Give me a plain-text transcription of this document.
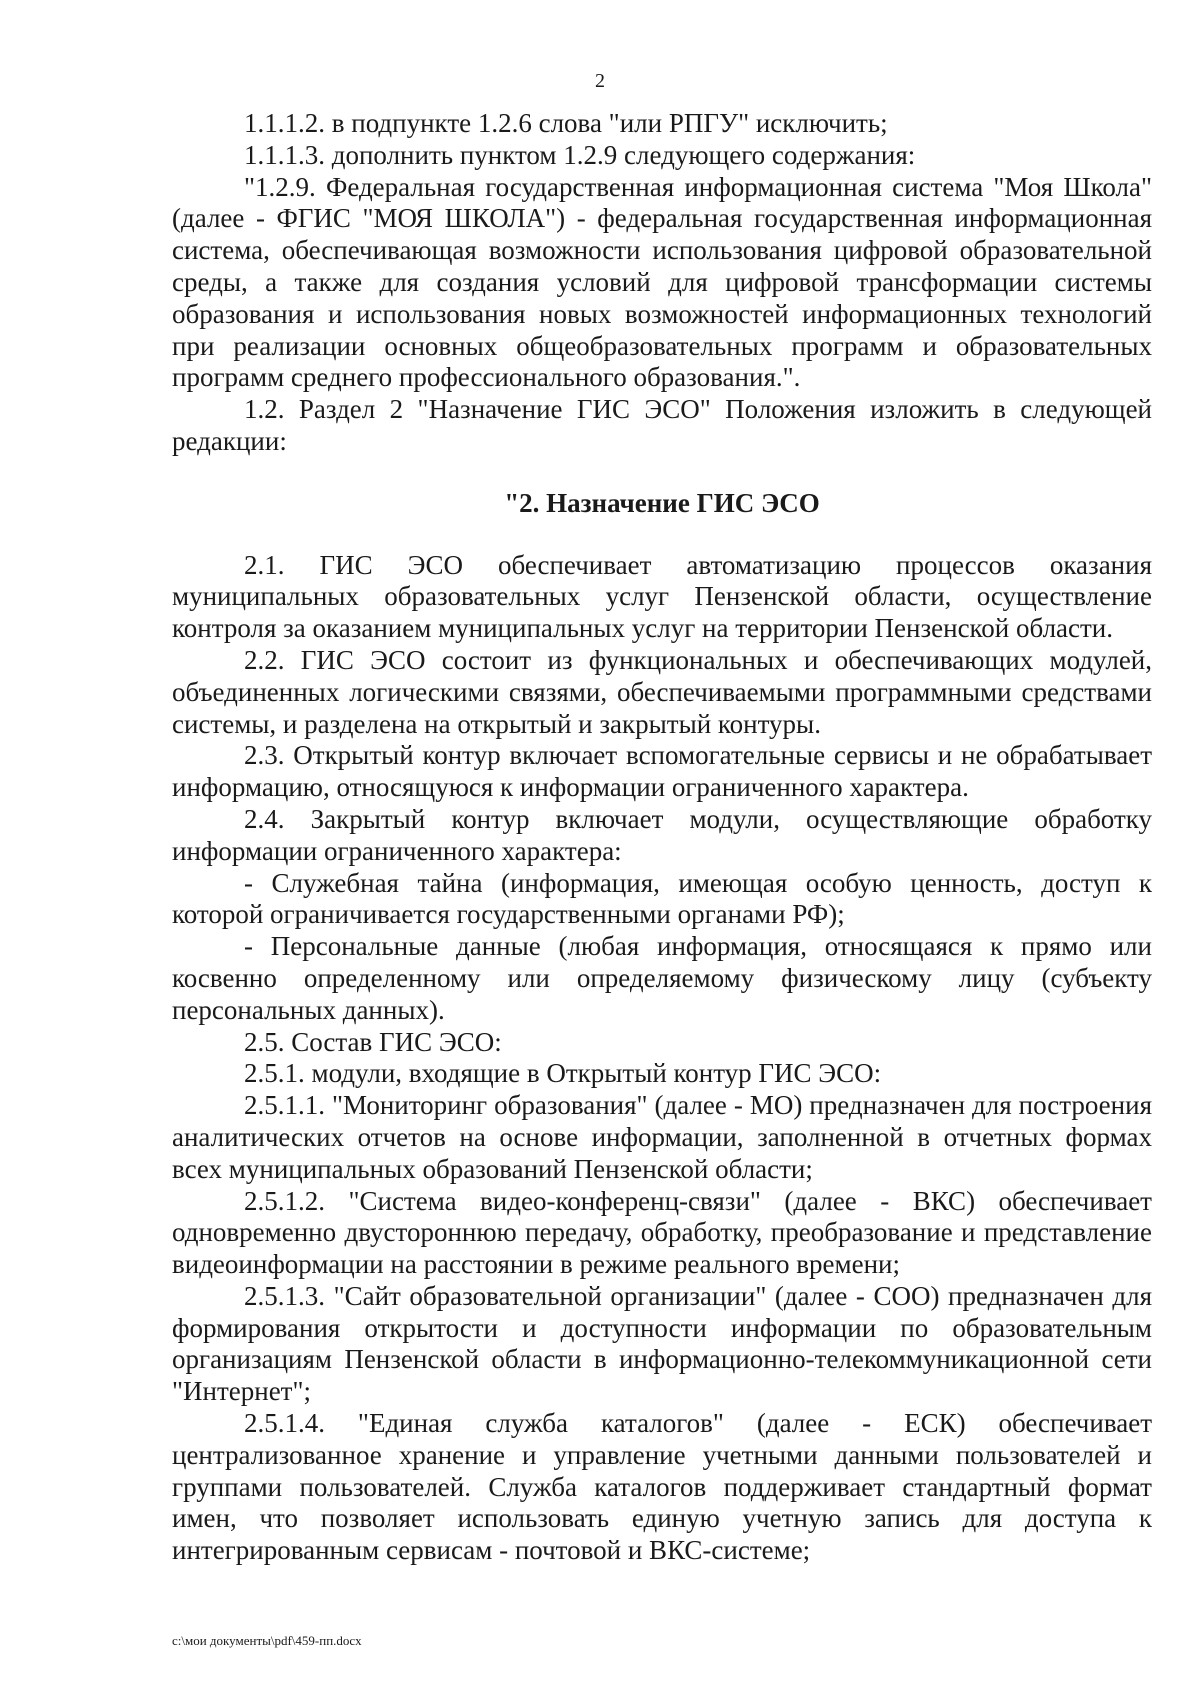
2

1.1.1.2. в подпункте 1.2.6 слова "или РПГУ" исключить;

1.1.1.3. дополнить пунктом 1.2.9 следующего содержания:

"1.2.9. Федеральная государственная информационная система "Моя Школа" (далее - ФГИС "МОЯ ШКОЛА") - федеральная государственная информационная система, обеспечивающая возможности использования цифровой образовательной среды, а также для создания условий для цифровой трансформации системы образования и использования новых возможностей информационных технологий при реализации основных общеобразовательных программ и образовательных программ среднего профессионального образования.".

1.2. Раздел 2 "Назначение ГИС ЭСО" Положения изложить в следующей редакции:

"2. Назначение ГИС ЭСО

2.1. ГИС ЭСО обеспечивает автоматизацию процессов оказания муниципальных образовательных услуг Пензенской области, осуществление контроля за оказанием муниципальных услуг на территории Пензенской области.

2.2. ГИС ЭСО состоит из функциональных и обеспечивающих модулей, объединенных логическими связями, обеспечиваемыми программными средствами системы, и разделена на открытый и закрытый контуры.

2.3. Открытый контур включает вспомогательные сервисы и не обрабатывает информацию, относящуюся к информации ограниченного характера.

2.4. Закрытый контур включает модули, осуществляющие обработку информации ограниченного характера:

- Служебная тайна (информация, имеющая особую ценность, доступ к которой ограничивается государственными органами РФ);

- Персональные данные (любая информация, относящаяся к прямо или косвенно определенному или определяемому физическому лицу (субъекту персональных данных).

2.5. Состав ГИС ЭСО:

2.5.1. модули, входящие в Открытый контур ГИС ЭСО:

2.5.1.1. "Мониторинг образования" (далее - МО) предназначен для построения аналитических отчетов на основе информации, заполненной в отчетных формах всех муниципальных образований Пензенской области;

2.5.1.2. "Система видео-конференц-связи" (далее - ВКС) обеспечивает одновременно двустороннюю передачу, обработку, преобразование и представление видеоинформации на расстоянии в режиме реального времени;

2.5.1.3. "Сайт образовательной организации" (далее - СОО) предназначен для формирования открытости и доступности информации по образовательным организациям Пензенской области в информационно-телекоммуникационной сети "Интернет";

2.5.1.4. "Единая служба каталогов" (далее - ЕСК) обеспечивает централизованное хранение и управление учетными данными пользователей и группами пользователей. Служба каталогов поддерживает стандартный формат имен, что позволяет использовать единую учетную запись для доступа к интегрированным сервисам - почтовой и ВКС-системе;

c:\мои документы\pdf\459-пп.docx
